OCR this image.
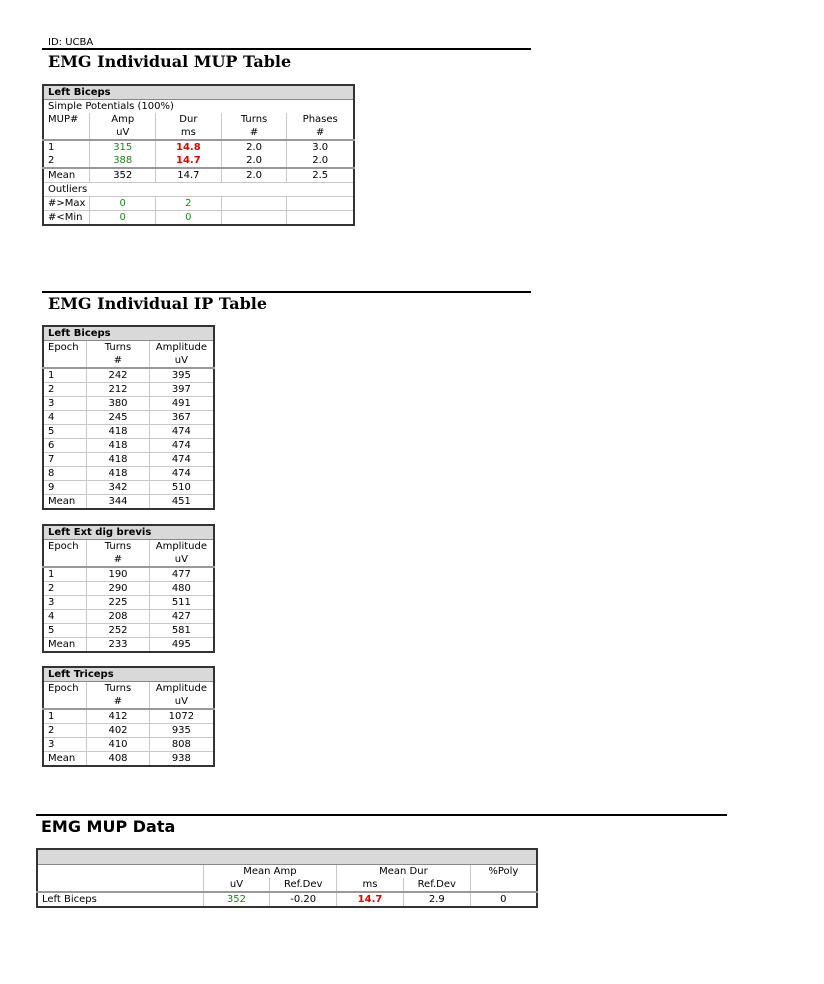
ID: UCBA
EMG Individual MUP Table
Left Biceps				
Simple Potentials (100%)				
MUP#	Amp	Dur	Turns	Phases
	uV	ms	#	#
1	315	14.8	2.0	3.0
2	388	14.7	2.0	2.0
Mean	352	14.7	2.0	2.5
Outliers				
#>Max	0	2		
#<Min	0	0		
EMG Individual IP Table
Left Biceps		
Epoch	Turns	Amplitude
	#	uV
1	242	395
2	212	397
3	380	491
4	245	367
5	418	474
6	418	474
7	418	474
8	418	474
9	342	510
Mean	344	451
Left Ext dig brevis		
Epoch	Turns	Amplitude
	#	uV
1	190	477
2	290	480
3	225	511
4	208	427
5	252	581
Mean	233	495
Left Triceps		
Epoch	Turns	Amplitude
	#	uV
1	412	1072
2	402	935
3	410	808
Mean	408	938
EMG MUP Data

	Mean Amp		Mean Dur		%Poly
	uV	Ref.Dev	ms	Ref.Dev	
Left Biceps	352	-0.20	14.7	2.9	0
